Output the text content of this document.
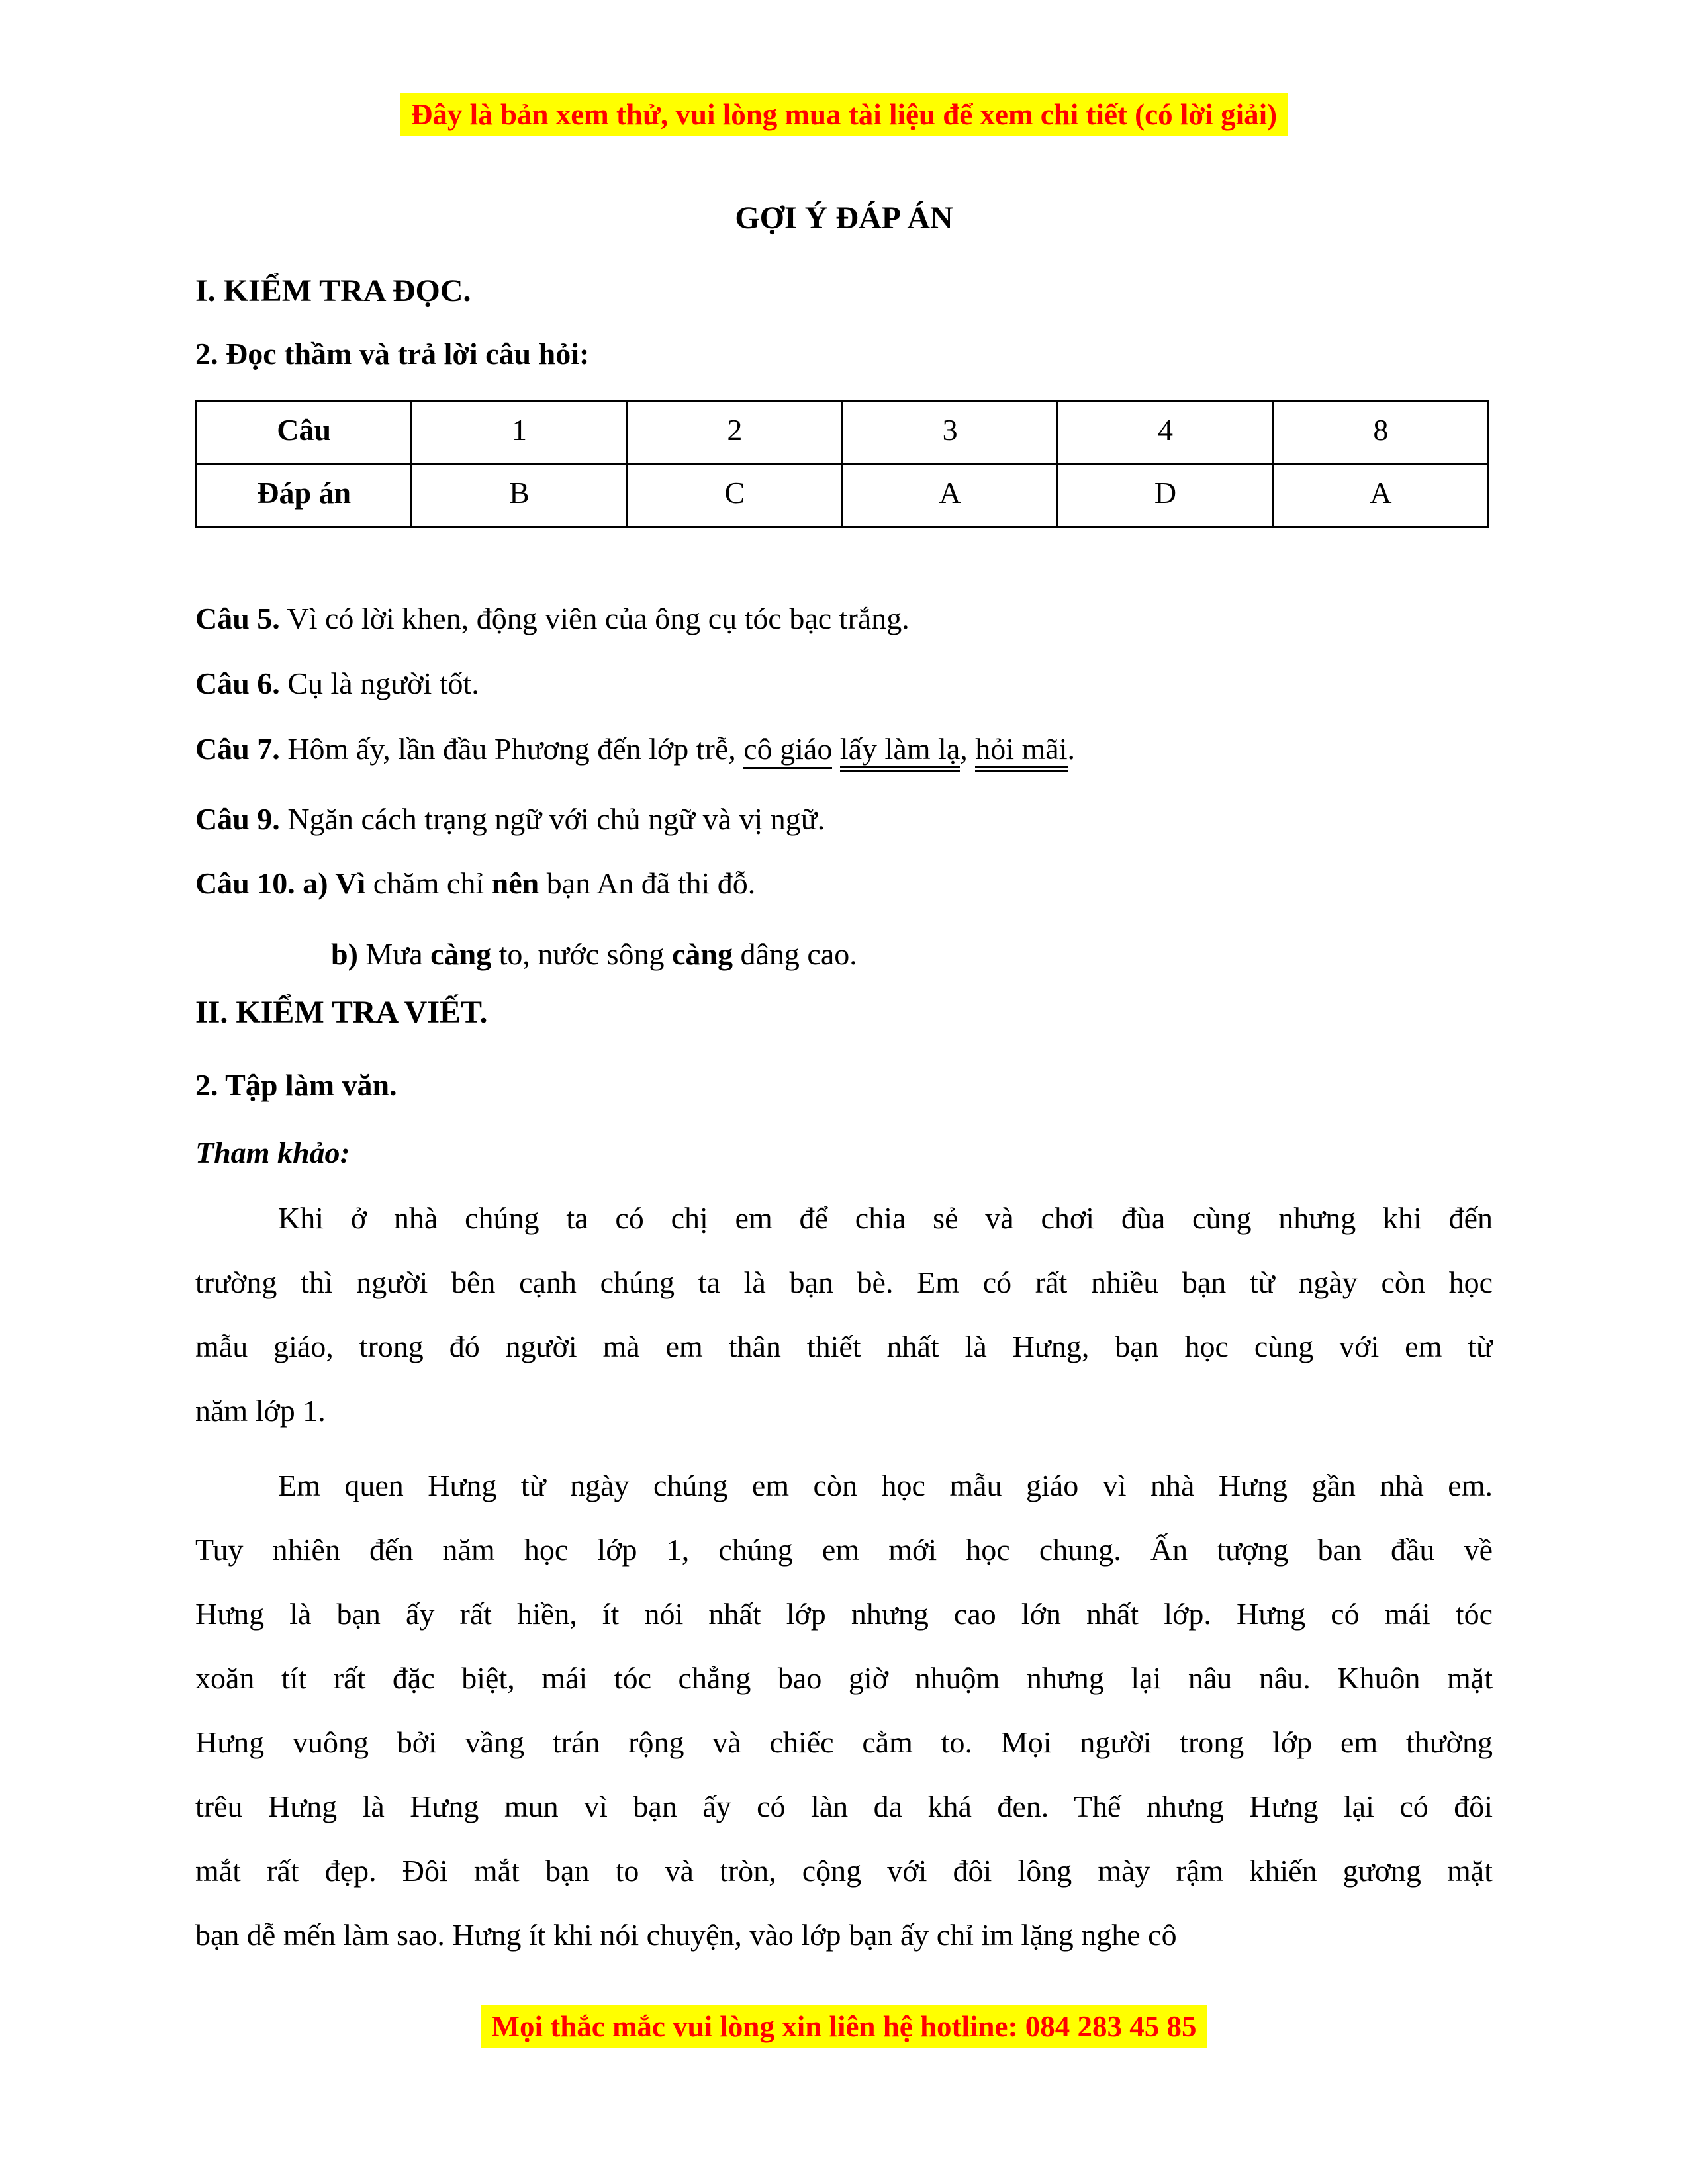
Đây là bản xem thử, vui lòng mua tài liệu để xem chi tiết (có lời giải)
GỢI Ý ĐÁP ÁN
I. KIỂM TRA ĐỌC.
2. Đọc thầm và trả lời câu hỏi:
Câu	1	2	3	4	8
Đáp án	B	C	A	D	A
Câu 5. Vì có lời khen, động viên của ông cụ tóc bạc trắng.
Câu 6. Cụ là người tốt.
Câu 7. Hôm ấy, lần đầu Phương đến lớp trễ, cô giáo lấy làm lạ, hỏi mãi.
Câu 9. Ngăn cách trạng ngữ với chủ ngữ và vị ngữ.
Câu 10. a) Vì chăm chỉ nên bạn An đã thi đỗ.
b) Mưa càng to, nước sông càng dâng cao.
II. KIỂM TRA VIẾT.
2. Tập làm văn.
Tham khảo:
Khi ở nhà chúng ta có chị em để chia sẻ và chơi đùa cùng nhưng khi đến
trường thì người bên cạnh chúng ta là bạn bè. Em có rất nhiều bạn từ ngày còn học
mẫu giáo, trong đó người mà em thân thiết nhất là Hưng, bạn học cùng với em từ
năm lớp 1.
Em quen Hưng từ ngày chúng em còn học mẫu giáo vì nhà Hưng gần nhà em.
Tuy nhiên đến năm học lớp 1, chúng em mới học chung. Ấn tượng ban đầu về
Hưng là bạn ấy rất hiền, ít nói nhất lớp nhưng cao lớn nhất lớp. Hưng có mái tóc
xoăn tít rất đặc biệt, mái tóc chẳng bao giờ nhuộm nhưng lại nâu nâu. Khuôn mặt
Hưng vuông bởi vầng trán rộng và chiếc cằm to. Mọi người trong lớp em thường
trêu Hưng là Hưng mun vì bạn ấy có làn da khá đen. Thế nhưng Hưng lại có đôi
mắt rất đẹp. Đôi mắt bạn to và tròn, cộng với đôi lông mày rậm khiến gương mặt
bạn dễ mến làm sao. Hưng ít khi nói chuyện, vào lớp bạn ấy chỉ im lặng nghe cô
Mọi thắc mắc vui lòng xin liên hệ hotline: 084 283 45 85
